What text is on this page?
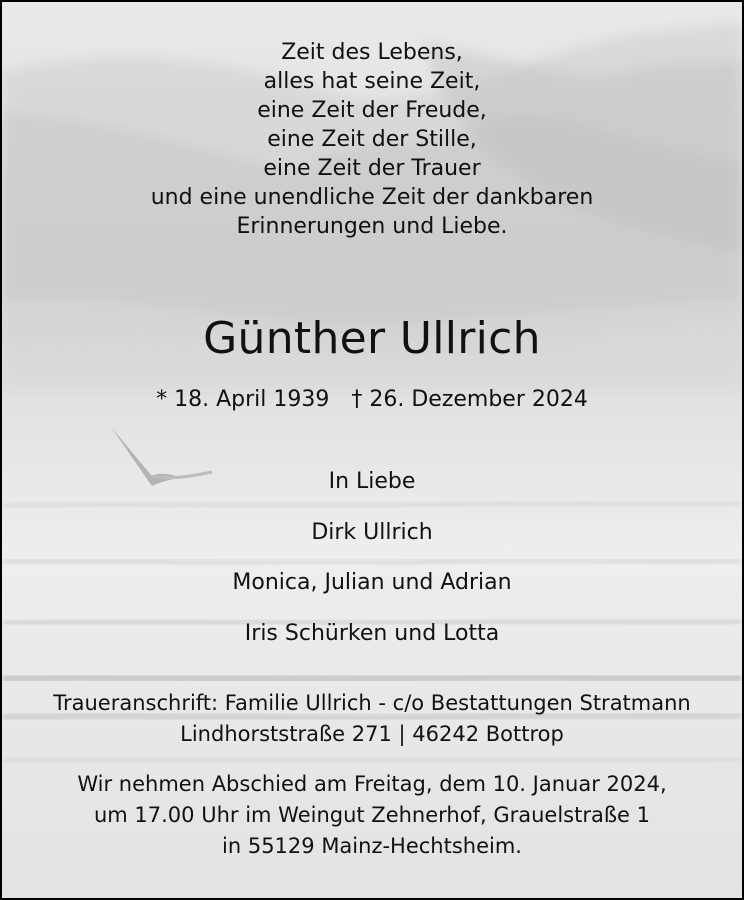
Zeit des Lebens,
alles hat seine Zeit,
eine Zeit der Freude,
eine Zeit der Stille,
eine Zeit der Trauer
und eine unendliche Zeit der dankbaren
Erinnerungen und Liebe.
Günther Ullrich
* 18. April 1939 † 26. Dezember 2024
In Liebe
Dirk Ullrich
Monica, Julian und Adrian
Iris Schürken und Lotta
Traueranschrift: Familie Ullrich - c/o Bestattungen Stratmann
Lindhorststraße 271 | 46242 Bottrop
Wir nehmen Abschied am Freitag, dem 10. Januar 2024,
um 17.00 Uhr im Weingut Zehnerhof, Grauelstraße 1
in 55129 Mainz-Hechtsheim.
